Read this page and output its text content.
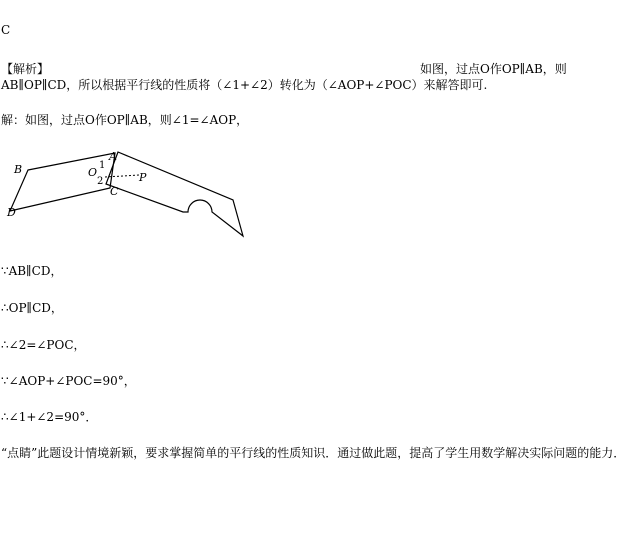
C
【解析】	如图，过点O作OP∥AB，则
AB∥OP∥CD，所以根据平行线的性质将（∠1+∠2）转化为（∠AOP+∠POC）来解答即可.
解：如图，过点O作OP∥AB，则∠1=∠AOP，
A
B
C
D
O	P
1
2
∵AB∥CD，
∴OP∥CD，
∴∠2=∠POC，
∵∠AOP+∠POC=90°，
∴∠1+∠2=90°．
“点睛”此题设计情境新颖，要求掌握简单的平行线的性质知识．通过做此题，提高了学生用数学解决实际问题的能力．
